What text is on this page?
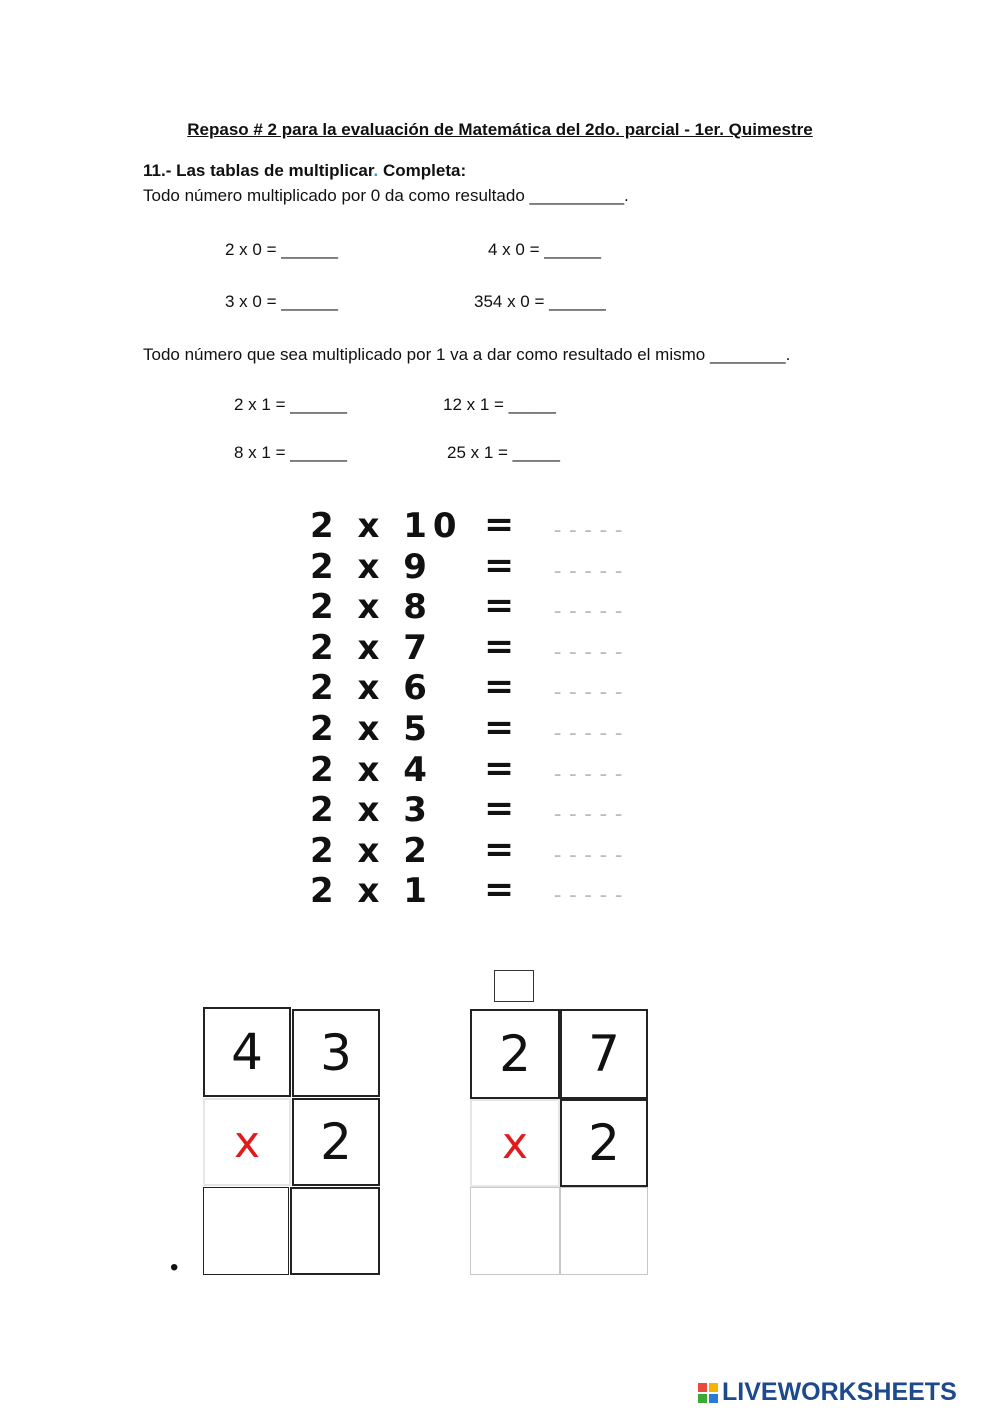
Repaso # 2 para la evaluación de Matemática del 2do. parcial - 1er. Quimestre
11.- Las tablas de multiplicar. Completa:
Todo número multiplicado por 0 da como resultado __________.
2 x 0 = ______	4 x 0 = ______
3 x 0 = ______	354 x 0 = ______
Todo número que sea multiplicado por 1 va a dar como resultado el mismo ________.
2 x 1 = ______	12 x 1 = _____
8 x 1 = ______	25 x 1 = _____
2 x 10 = -----
2 x 9 = -----
2 x 8 = -----
2 x 7 = -----
2 x 6 = -----
2 x 5 = -----
2 x 4 = -----
2 x 3 = -----
2 x 2 = -----
2 x 1 = -----

4	3
x	2
2	7
x	2
•
LIVEWORKSHEETS
